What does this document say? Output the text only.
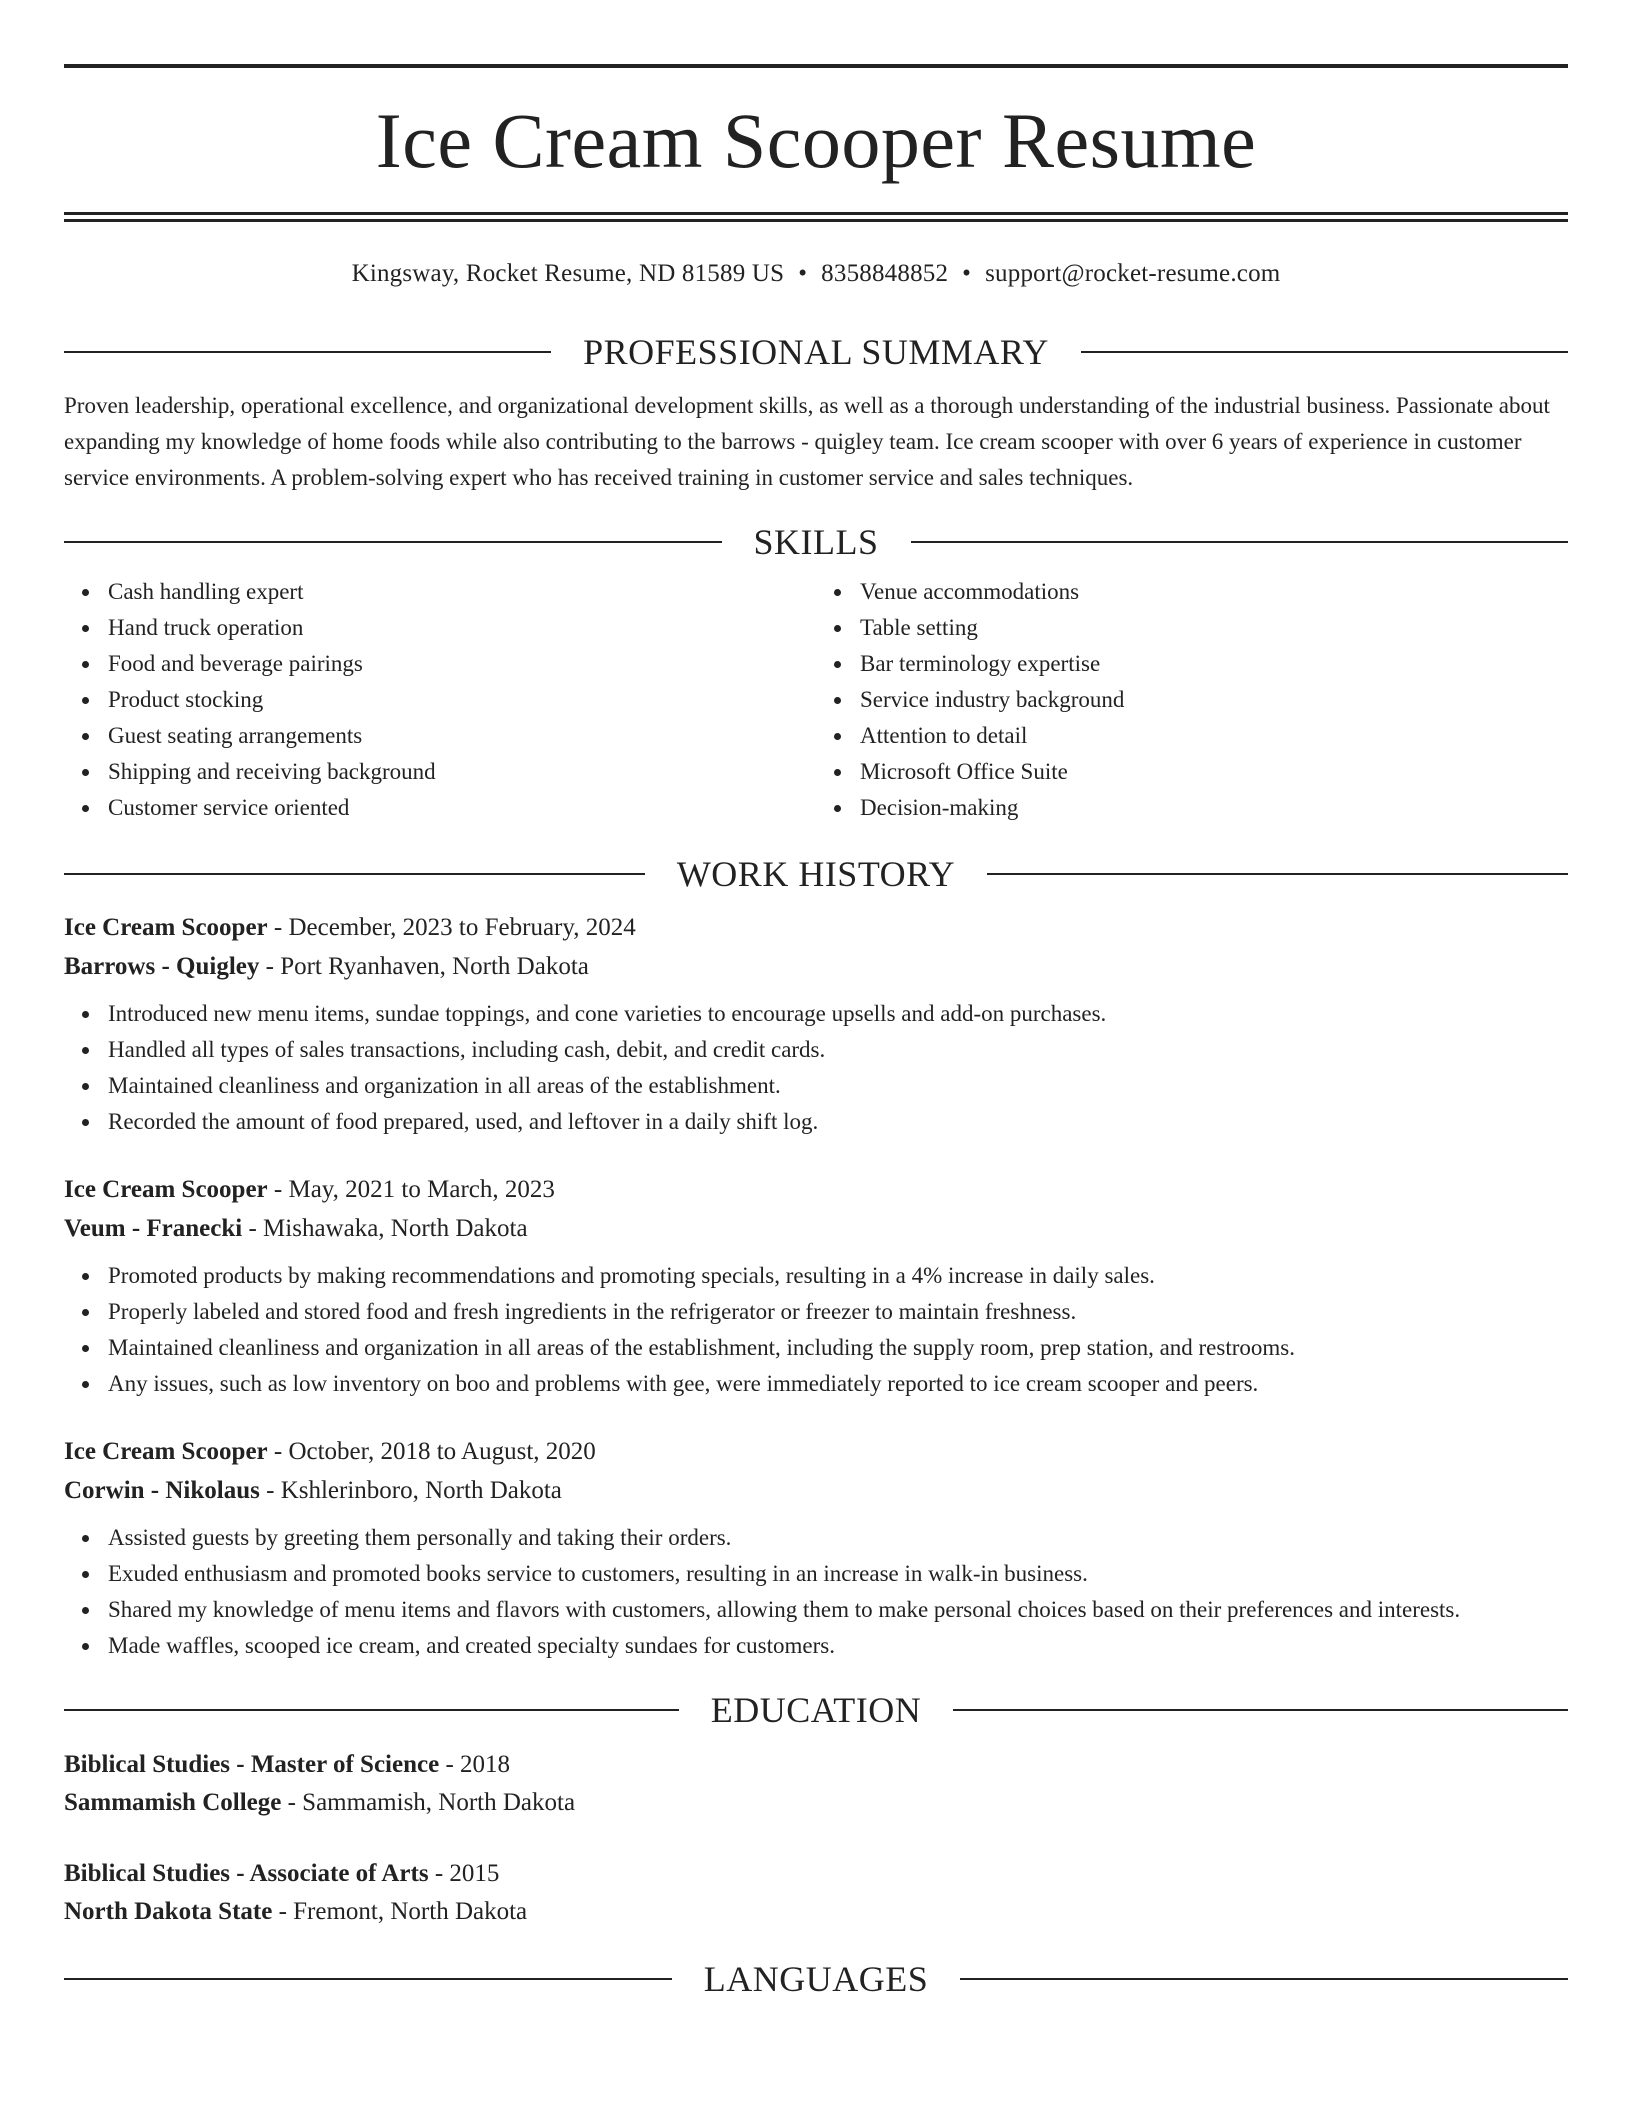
Ice Cream Scooper Resume
Kingsway, Rocket Resume, ND 81589 US • 8358848852 • support@rocket-resume.com
PROFESSIONAL SUMMARY

Proven leadership, operational excellence, and organizational development skills, as well as a thorough understanding of the industrial business. Passionate about expanding my knowledge of home foods while also contributing to the barrows - quigley team. Ice cream scooper with over 6 years of experience in customer service environments. A problem-solving expert who has received training in customer service and sales techniques.

SKILLS
Cash handling expert
Hand truck operation
Food and beverage pairings
Product stocking
Guest seating arrangements
Shipping and receiving background
Customer service oriented
Venue accommodations
Table setting
Bar terminology expertise
Service industry background
Attention to detail
Microsoft Office Suite
Decision-making
WORK HISTORY
Ice Cream Scooper - December, 2023 to February, 2024
Barrows - Quigley - Port Ryanhaven, North Dakota
Introduced new menu items, sundae toppings, and cone varieties to encourage upsells and add-on purchases.
Handled all types of sales transactions, including cash, debit, and credit cards.
Maintained cleanliness and organization in all areas of the establishment.
Recorded the amount of food prepared, used, and leftover in a daily shift log.
Ice Cream Scooper - May, 2021 to March, 2023
Veum - Franecki - Mishawaka, North Dakota
Promoted products by making recommendations and promoting specials, resulting in a 4% increase in daily sales.
Properly labeled and stored food and fresh ingredients in the refrigerator or freezer to maintain freshness.
Maintained cleanliness and organization in all areas of the establishment, including the supply room, prep station, and restrooms.
Any issues, such as low inventory on boo and problems with gee, were immediately reported to ice cream scooper and peers.
Ice Cream Scooper - October, 2018 to August, 2020
Corwin - Nikolaus - Kshlerinboro, North Dakota
Assisted guests by greeting them personally and taking their orders.
Exuded enthusiasm and promoted books service to customers, resulting in an increase in walk-in business.
Shared my knowledge of menu items and flavors with customers, allowing them to make personal choices based on their preferences and interests.
Made waffles, scooped ice cream, and created specialty sundaes for customers.
EDUCATION
Biblical Studies - Master of Science - 2018
Sammamish College - Sammamish, North Dakota
Biblical Studies - Associate of Arts - 2015
North Dakota State - Fremont, North Dakota
LANGUAGES
